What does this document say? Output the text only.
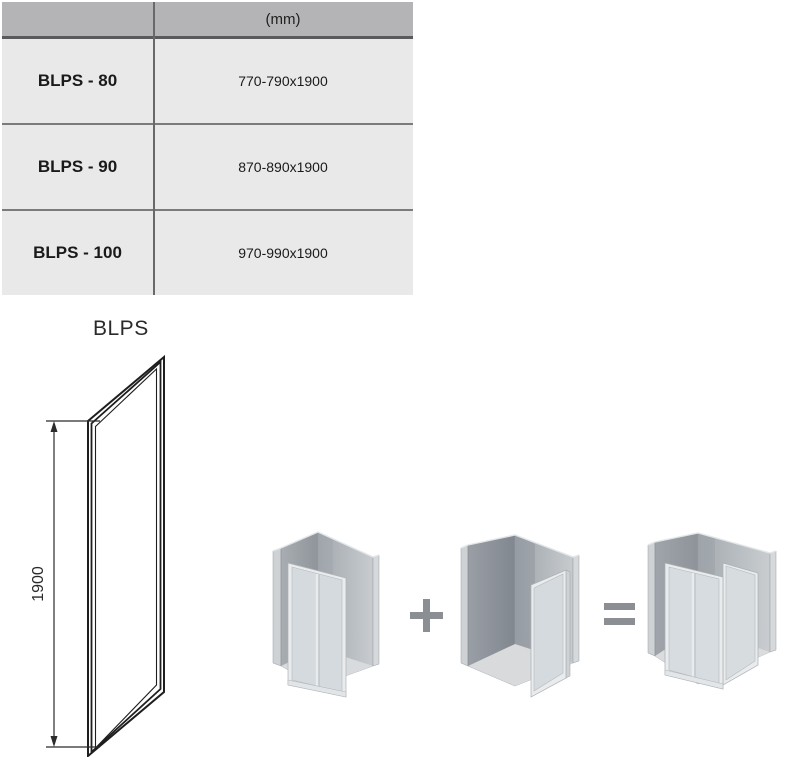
(mm)
BLPS - 80	770-790x1900
BLPS - 90	870-890x1900
BLPS - 100	970-990x1900
BLPS
1900
